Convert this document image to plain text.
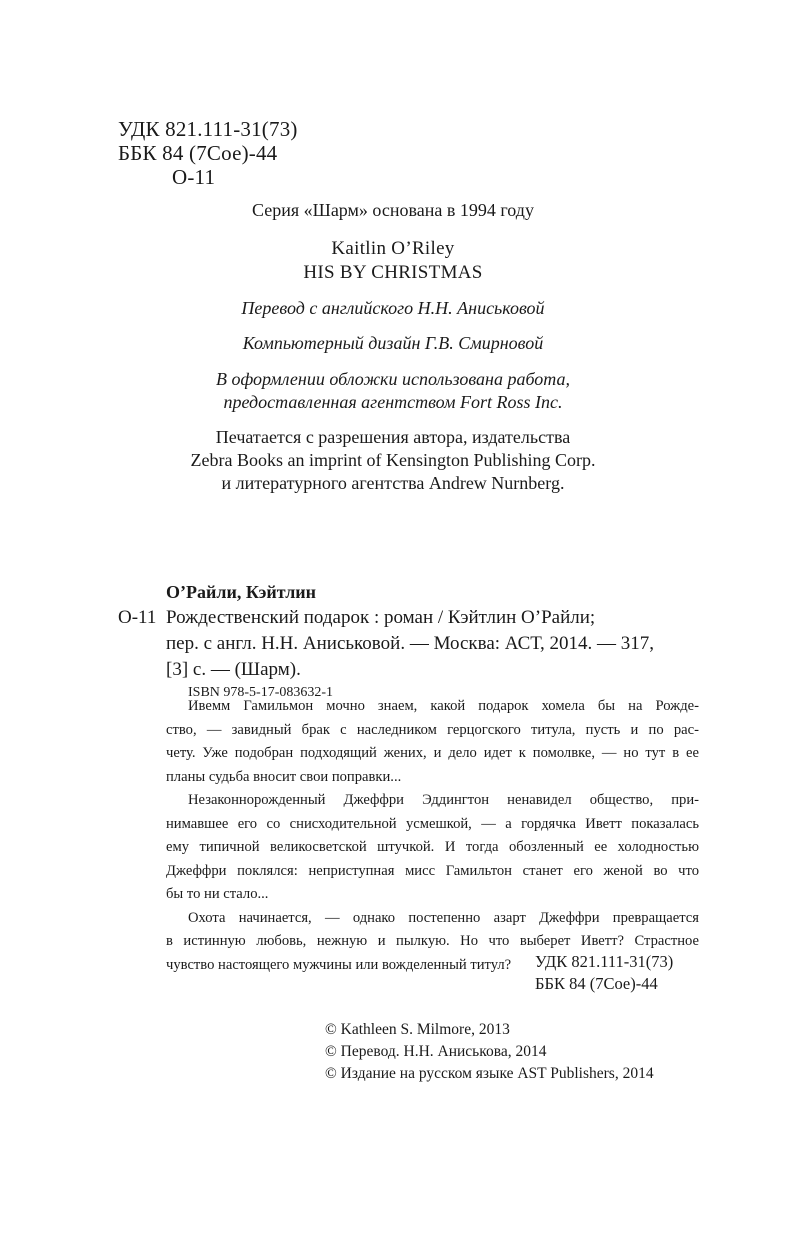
УДК 821.111-31(73)
ББК 84 (7Сое)-44
О-11
Серия «Шарм» основана в 1994 году
Kaitlin O’Riley
HIS BY CHRISTMAS
Перевод с английского Н.Н. Аниськовой
Компьютерный дизайн Г.В. Смирновой
В оформлении обложки использована работа,
предоставленная агентством Fort Ross Inc.
Печатается с разрешения автора, издательства
Zebra Books an imprint of Kensington Publishing Corp.
и литературного агентства Andrew Nurnberg.
О’Райли, Кэйтлин
О-11 Рождественский подарок : роман / Кэйтлин О’Райли;
пер. с англ. Н.Н. Аниськовой. — Москва: АСТ, 2014. — 317,
[3] с. — (Шарм).
ISBN 978-5-17-083632-1
Ивемм Гамильмон мочно знаем, какой подарок хомела бы на Рожде-
ство, — завидный брак с наследником герцогского титула, пусть и по рас-
чету. Уже подобран подходящий жених, и дело идет к помолвке, — но тут в ее
планы судьба вносит свои поправки...
Незаконнорожденный Джеффри Эддингтон ненавидел общество, при-
нимавшее его со снисходительной усмешкой, — а гордячка Иветт показалась
ему типичной великосветской штучкой. И тогда обозленный ее холодностью
Джеффри поклялся: неприступная мисс Гамильтон станет его женой во что
бы то ни стало...
Охота начинается, — однако постепенно азарт Джеффри превращается
в истинную любовь, нежную и пылкую. Но что выберет Иветт? Страстное
чувство настоящего мужчины или вожделенный титул?	УДК 821.111-31(73)
ББК 84 (7Сое)-44
© Kathleen S. Milmore, 2013
© Перевод. Н.Н. Аниськова, 2014
© Издание на русском языке AST Publishers, 2014
